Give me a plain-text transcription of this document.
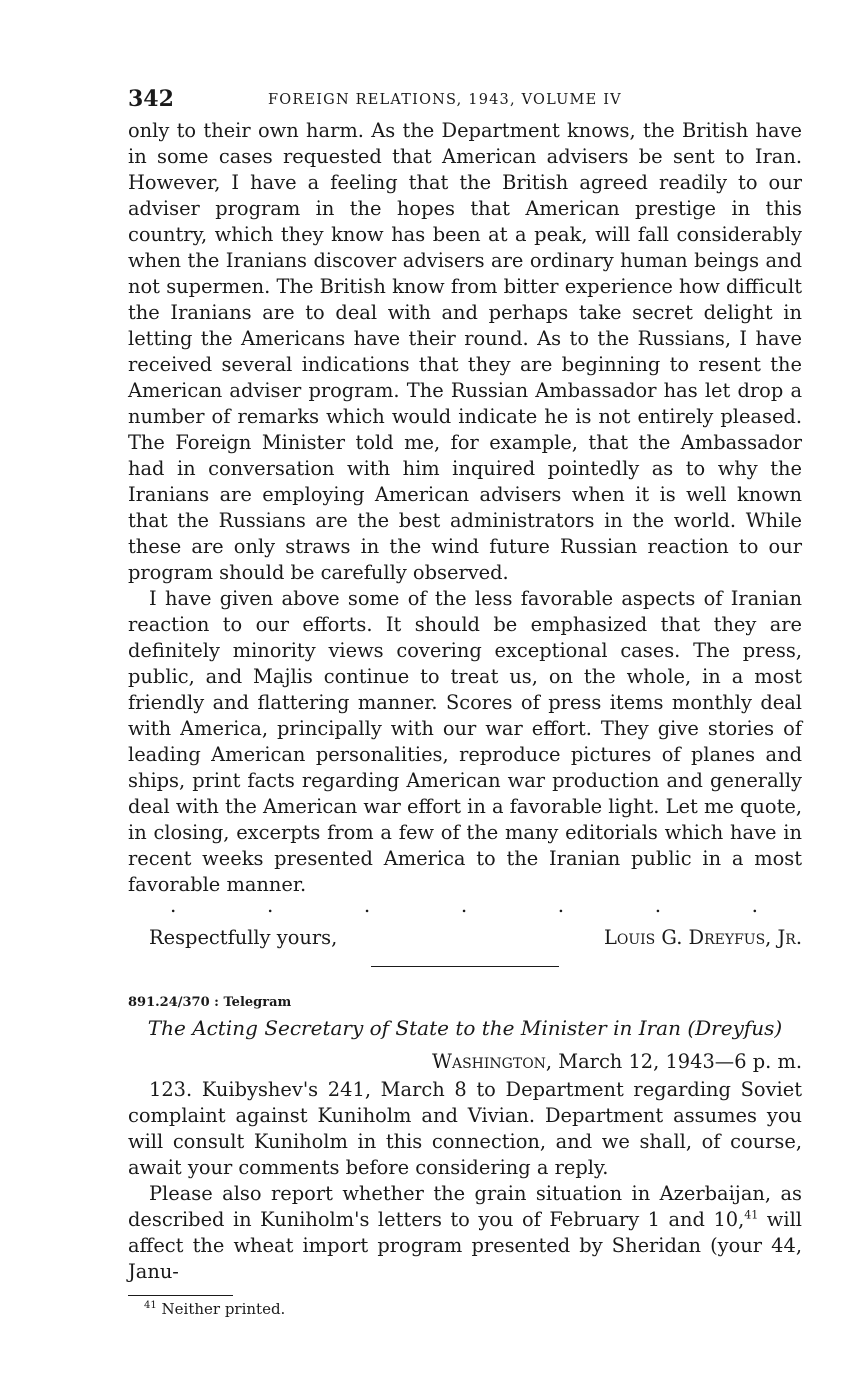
342	FOREIGN RELATIONS, 1943, VOLUME IV

only to their own harm. As the Department knows, the British have in some cases requested that American advisers be sent to Iran. However, I have a feeling that the British agreed readily to our adviser program in the hopes that American prestige in this country, which they know has been at a peak, will fall considerably when the Iranians discover advisers are ordinary human beings and not supermen. The British know from bitter experience how difficult the Iranians are to deal with and perhaps take secret delight in letting the Americans have their round. As to the Russians, I have received several indications that they are beginning to resent the American adviser program. The Russian Ambassador has let drop a number of remarks which would indicate he is not entirely pleased. The Foreign Minister told me, for example, that the Ambassador had in conversation with him inquired pointedly as to why the Iranians are employing American advisers when it is well known that the Russians are the best administrators in the world. While these are only straws in the wind future Russian reaction to our program should be carefully observed.

I have given above some of the less favorable aspects of Iranian reaction to our efforts. It should be emphasized that they are definitely minority views covering exceptional cases. The press, public, and Majlis continue to treat us, on the whole, in a most friendly and flattering manner. Scores of press items monthly deal with America, principally with our war effort. They give stories of leading American personalities, reproduce pictures of planes and ships, print facts regarding American war production and generally deal with the American war effort in a favorable light. Let me quote, in closing, excerpts from a few of the many editorials which have in recent weeks presented America to the Iranian public in a most favorable manner.

.	.	.	.	.	.	.
Respectfully yours,	Louis G. Dreyfus, Jr.
891.24/370 : Telegram
The Acting Secretary of State to the Minister in Iran (Dreyfus)
Washington, March 12, 1943—6 p. m.

123. Kuibyshev's 241, March 8 to Department regarding Soviet complaint against Kuniholm and Vivian. Department assumes you will consult Kuniholm in this connection, and we shall, of course, await your comments before considering a reply.

Please also report whether the grain situation in Azerbaijan, as described in Kuniholm's letters to you of February 1 and 10,41 will affect the wheat import program presented by Sheridan (your 44, Janu-

$^{41}$ Neither printed.
